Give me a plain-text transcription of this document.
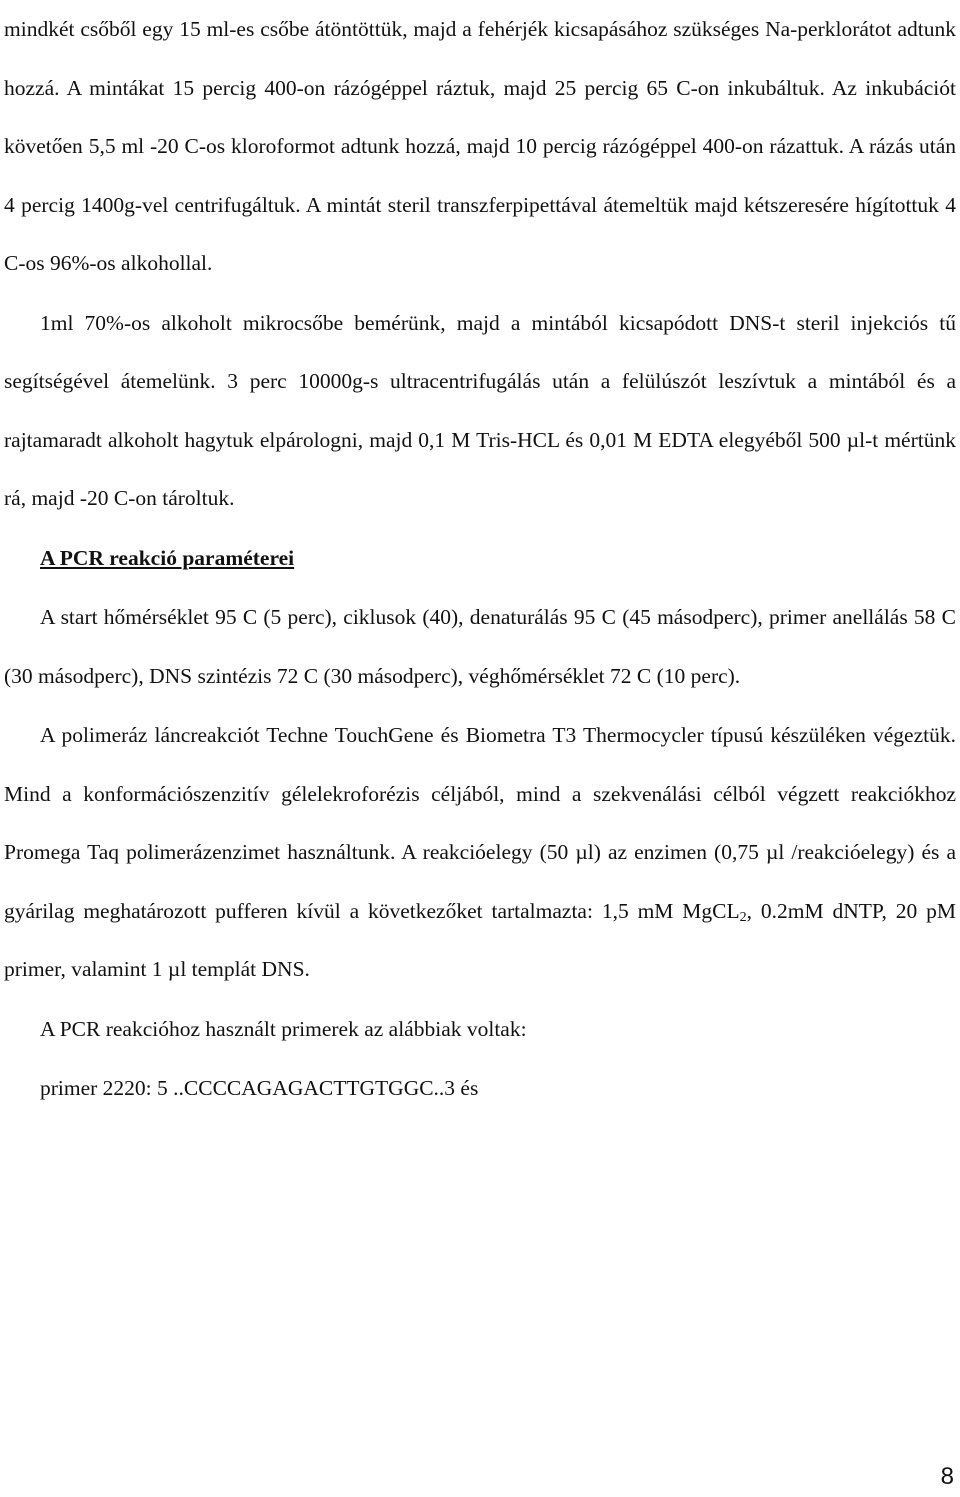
mindkét csőből egy 15 ml-es csőbe átöntöttük, majd a fehérjék kicsapásához szükséges Na-perklorátot adtunk hozzá. A mintákat 15 percig 400-on rázógéppel ráztuk, majd 25 percig 65 C-on inkubáltuk. Az inkubációt követően 5,5 ml -20 C-os kloroformot adtunk hozzá, majd 10 percig rázógéppel 400-on rázattuk. A rázás után 4 percig 1400g-vel centrifugáltuk. A mintát steril transzferpipettával átemeltük majd kétszeresére hígítottuk 4 C-os 96%-os alkohollal.

1ml 70%-os alkoholt mikrocsőbe bemérünk, majd a mintából kicsapódott DNS-t steril injekciós tű segítségével átemelünk. 3 perc 10000g-s ultracentrifugálás után a felülúszót leszívtuk a mintából és a rajtamaradt alkoholt hagytuk elpárologni, majd 0,1 M Tris-HCL és 0,01 M EDTA elegyéből 500 µl-t mértünk rá, majd -20 C-on tároltuk.

A PCR reakció paraméterei

A start hőmérséklet 95 C (5 perc), ciklusok (40), denaturálás 95 C (45 másodperc), primer anellálás 58 C (30 másodperc), DNS szintézis 72 C (30 másodperc), véghőmérséklet 72 C (10 perc).

A polimeráz láncreakciót Techne TouchGene és Biometra T3 Thermocycler típusú készüléken végeztük. Mind a konformációszenzitív gélelekroforézis céljából, mind a szekvenálási célból végzett reakciókhoz Promega Taq polimerázenzimet használtunk. A reakcióelegy (50 µl) az enzimen (0,75 µl /reakcióelegy) és a gyárilag meghatározott pufferen kívül a következőket tartalmazta: 1,5 mM MgCL$_2$, 0.2mM dNTP, 20 pM primer, valamint 1 µl templát DNS.

A PCR reakcióhoz használt primerek az alábbiak voltak:

primer 2220: 5 ..CCCCAGAGACTTGTGGC..3 és

8
